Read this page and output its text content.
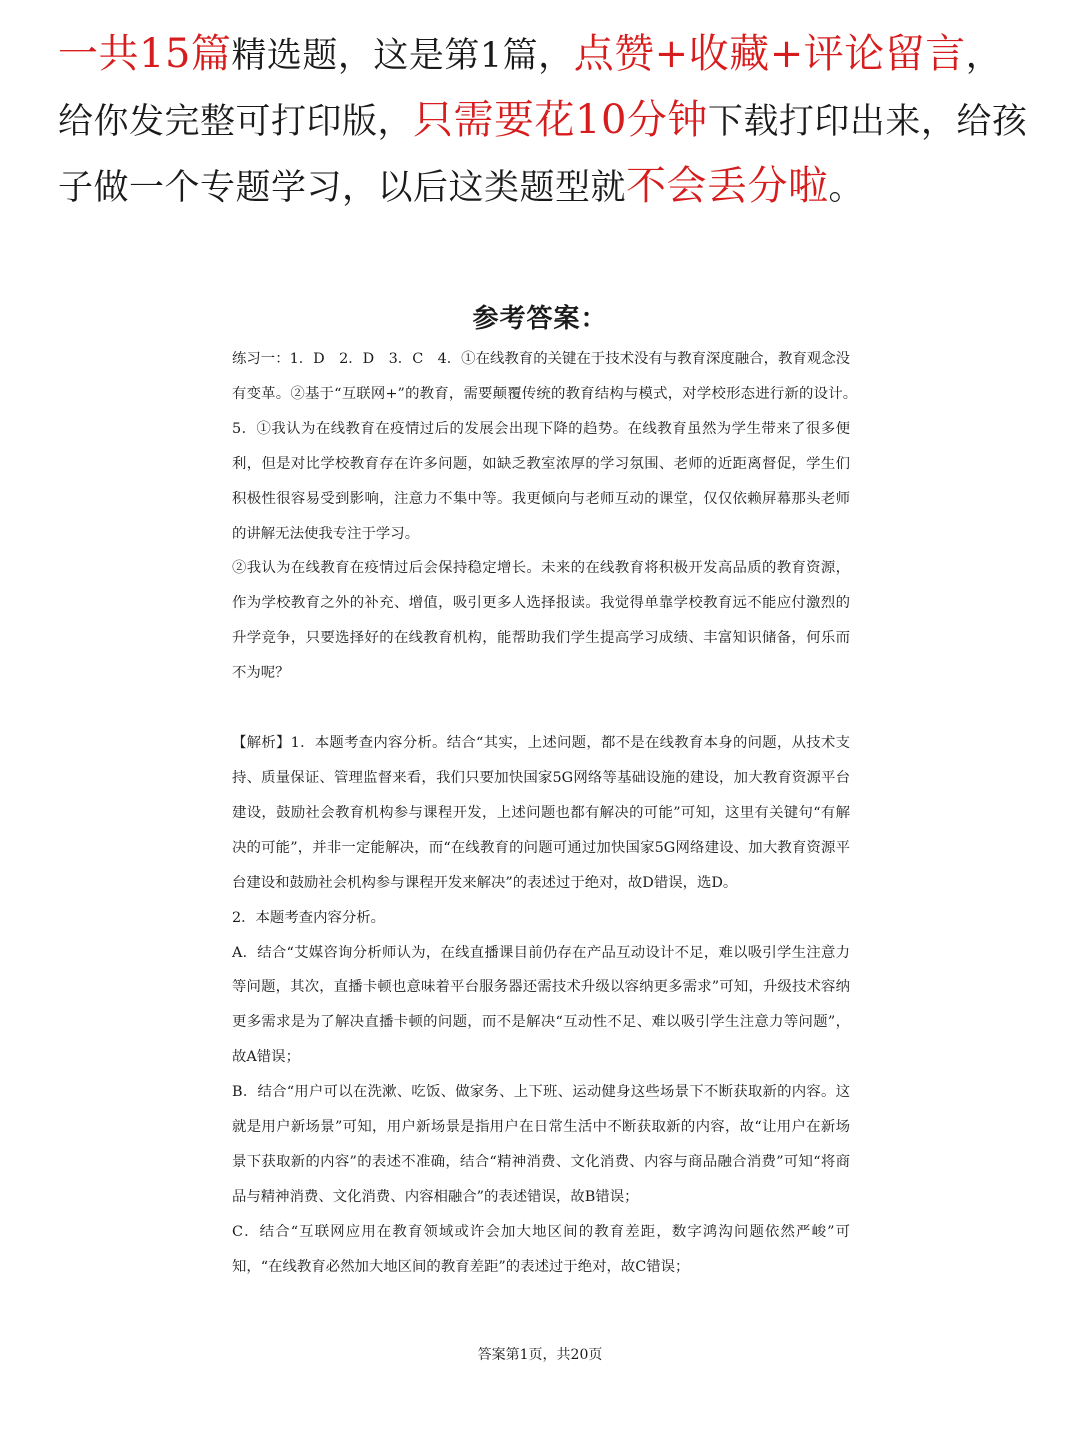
一共15篇精选题，这是第1篇，点赞+收藏+评论留言，给你发完整可打印版，只需要花10分钟下载打印出来，给孩子做一个专题学习，以后这类题型就不会丢分啦。
参考答案：

练习一：1．D　2．D　3．C　4．①在线教育的关键在于技术没有与教育深度融合，教育观念没有变革。②基于“互联网+”的教育，需要颠覆传统的教育结构与模式，对学校形态进行新的设计。　5．①我认为在线教育在疫情过后的发展会出现下降的趋势。在线教育虽然为学生带来了很多便利，但是对比学校教育存在许多问题，如缺乏教室浓厚的学习氛围、老师的近距离督促，学生们积极性很容易受到影响，注意力不集中等。我更倾向与老师互动的课堂，仅仅依赖屏幕那头老师的讲解无法使我专注于学习。

②我认为在线教育在疫情过后会保持稳定增长。未来的在线教育将积极开发高品质的教育资源，作为学校教育之外的补充、增值，吸引更多人选择报读。我觉得单靠学校教育远不能应付激烈的升学竞争，只要选择好的在线教育机构，能帮助我们学生提高学习成绩、丰富知识储备，何乐而不为呢？

【解析】1．本题考查内容分析。结合“其实，上述问题，都不是在线教育本身的问题，从技术支持、质量保证、管理监督来看，我们只要加快国家5G网络等基础设施的建设，加大教育资源平台建设，鼓励社会教育机构参与课程开发，上述问题也都有解决的可能”可知，这里有关键句“有解决的可能”，并非一定能解决，而“在线教育的问题可通过加快国家5G网络建设、加大教育资源平台建设和鼓励社会机构参与课程开发来解决”的表述过于绝对，故D错误，选D。

2．本题考查内容分析。

A．结合“艾媒咨询分析师认为，在线直播课目前仍存在产品互动设计不足，难以吸引学生注意力等问题，其次，直播卡顿也意味着平台服务器还需技术升级以容纳更多需求”可知，升级技术容纳更多需求是为了解决直播卡顿的问题，而不是解决“互动性不足、难以吸引学生注意力等问题”，故A错误；

B．结合“用户可以在洗漱、吃饭、做家务、上下班、运动健身这些场景下不断获取新的内容。这就是用户新场景”可知，用户新场景是指用户在日常生活中不断获取新的内容，故“让用户在新场景下获取新的内容”的表述不准确，结合“精神消费、文化消费、内容与商品融合消费”可知“将商品与精神消费、文化消费、内容相融合”的表述错误，故B错误；

C．结合“互联网应用在教育领域或许会加大地区间的教育差距，数字鸿沟问题依然严峻”可知，“在线教育必然加大地区间的教育差距”的表述过于绝对，故C错误；

答案第1页，共20页
